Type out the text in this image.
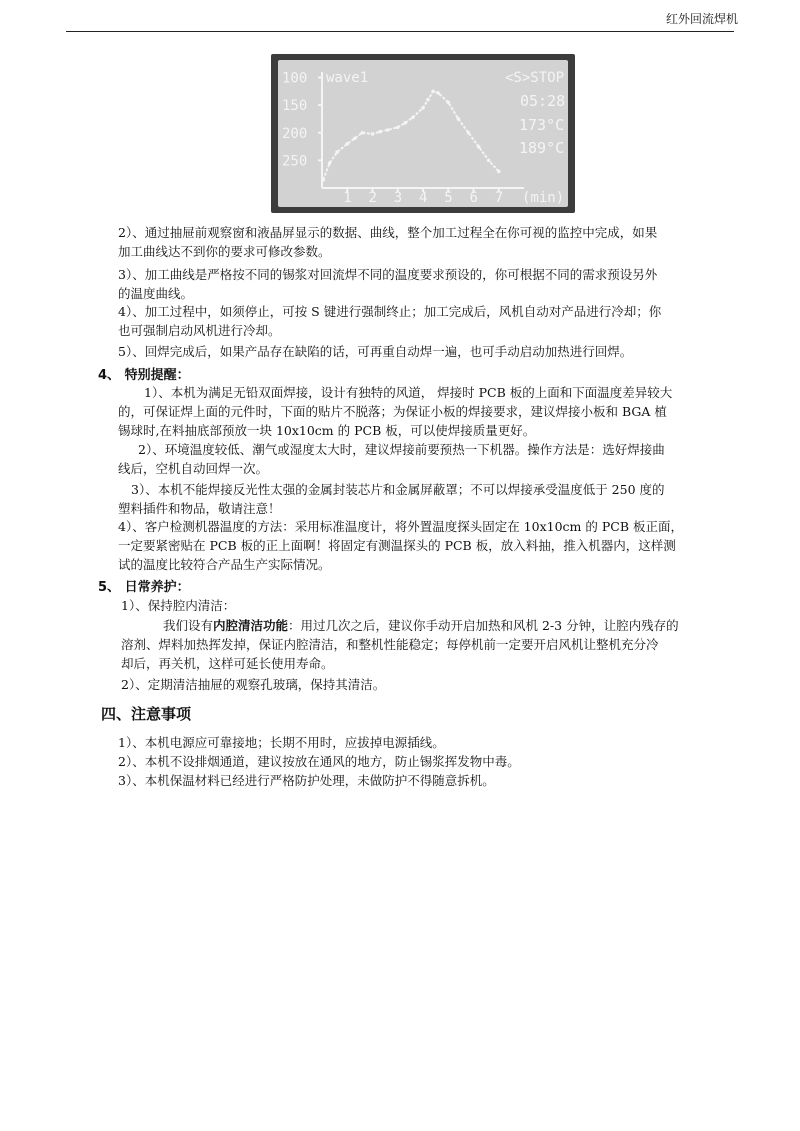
红外回流焊机
wave1	<S>STOP
05:28
173°C
189°C
(min)
250
200
150
100
1 2 3 4 5 6 7
2）、通过抽屉前观察窗和液晶屏显示的数据、曲线，整个加工过程全在你可视的监控中完成，如果
加工曲线达不到你的要求可修改参数。
3）、加工曲线是严格按不同的锡浆对回流焊不同的温度要求预设的，你可根据不同的需求预设另外
的温度曲线。
4）、加工过程中，如须停止，可按 S 键进行强制终止；加工完成后，风机自动对产品进行冷却；你
也可强制启动风机进行冷却。
5）、回焊完成后，如果产品存在缺陷的话，可再重自动焊一遍，也可手动启动加热进行回焊。
4、 特别提醒：
1）、本机为满足无铅双面焊接，设计有独特的风道， 焊接时 PCB 板的上面和下面温度差异较大
的，可保证焊上面的元件时，下面的贴片不脱落；为保证小板的焊接要求，建议焊接小板和 BGA 植
锡球时,在料抽底部预放一块 10x10cm 的 PCB 板，可以使焊接质量更好。
2）、环境温度较低、潮气或湿度太大时，建议焊接前要预热一下机器。操作方法是：选好焊接曲
线后，空机自动回焊一次。
3）、本机不能焊接反光性太强的金属封装芯片和金属屏蔽罩；不可以焊接承受温度低于 250 度的
塑料插件和物品，敬请注意！
4）、客户检测机器温度的方法：采用标准温度计，将外置温度探头固定在 10x10cm 的 PCB 板正面，
一定要紧密贴在 PCB 板的正上面啊！将固定有测温探头的 PCB 板，放入料抽，推入机器内，这样测
试的温度比较符合产品生产实际情况。
5、 日常养护：
1）、保持腔内清洁：
我们设有内腔清洁功能：用过几次之后，建议你手动开启加热和风机 2-3 分钟，让腔内残存的
溶剂、焊料加热挥发掉，保证内腔清洁，和整机性能稳定；每停机前一定要开启风机让整机充分冷
却后，再关机，这样可延长使用寿命。
2）、定期清洁抽屉的观察孔玻璃，保持其清洁。
四、注意事项
1）、本机电源应可靠接地；长期不用时，应拔掉电源插线。
2）、本机不设排烟通道，建议按放在通风的地方，防止锡浆挥发物中毒。
3）、本机保温材料已经进行严格防护处理，未做防护不得随意拆机。
